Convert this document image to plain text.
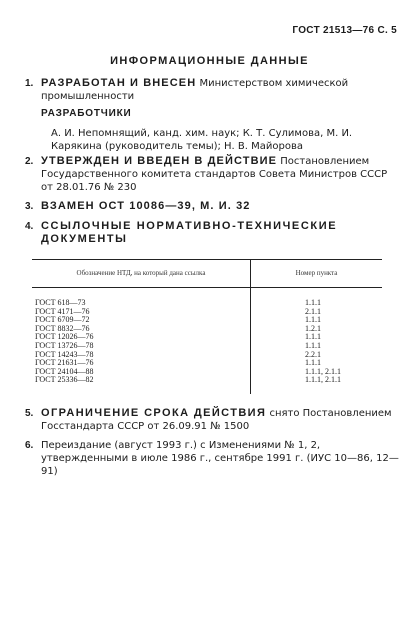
ГОСТ 21513—76 С. 5
ИНФОРМАЦИОННЫЕ ДАННЫЕ
1. РАЗРАБОТАН И ВНЕСЕН Министерством химической промышленности
РАЗРАБОТЧИКИ
А. И. Непомнящий, канд. хим. наук; К. Т. Сулимова, М. И. Карякина (руководитель темы); Н. В. Майорова
2. УТВЕРЖДЕН И ВВЕДЕН В ДЕЙСТВИЕ Постановлением Государственного комитета стандартов Совета Министров СССР от 28.01.76 № 230
3. ВЗАМЕН ОСТ 10086—39, М. И. 32
4. ССЫЛОЧНЫЕ НОРМАТИВНО-ТЕХНИЧЕСКИЕ ДОКУМЕНТЫ
Обозначение НТД, на который дана ссылка	Номер пункта
ГОСТ 618—73	1.1.1
ГОСТ 4171—76	2.1.1
ГОСТ 6709—72	1.1.1
ГОСТ 8832—76	1.2.1
ГОСТ 12026—76	1.1.1
ГОСТ 13726—78	1.1.1
ГОСТ 14243—78	2.2.1
ГОСТ 21631—76	1.1.1
ГОСТ 24104—88	1.1.1, 2.1.1
ГОСТ 25336—82	1.1.1, 2.1.1
5. ОГРАНИЧЕНИЕ СРОКА ДЕЙСТВИЯ снято Постановлением Госстандарта СССР от 26.09.91 № 1500
6. Переиздание (август 1993 г.) с Изменениями № 1, 2, утвержденными в июле 1986 г., сентябре 1991 г. (ИУС 10—86, 12—91)
